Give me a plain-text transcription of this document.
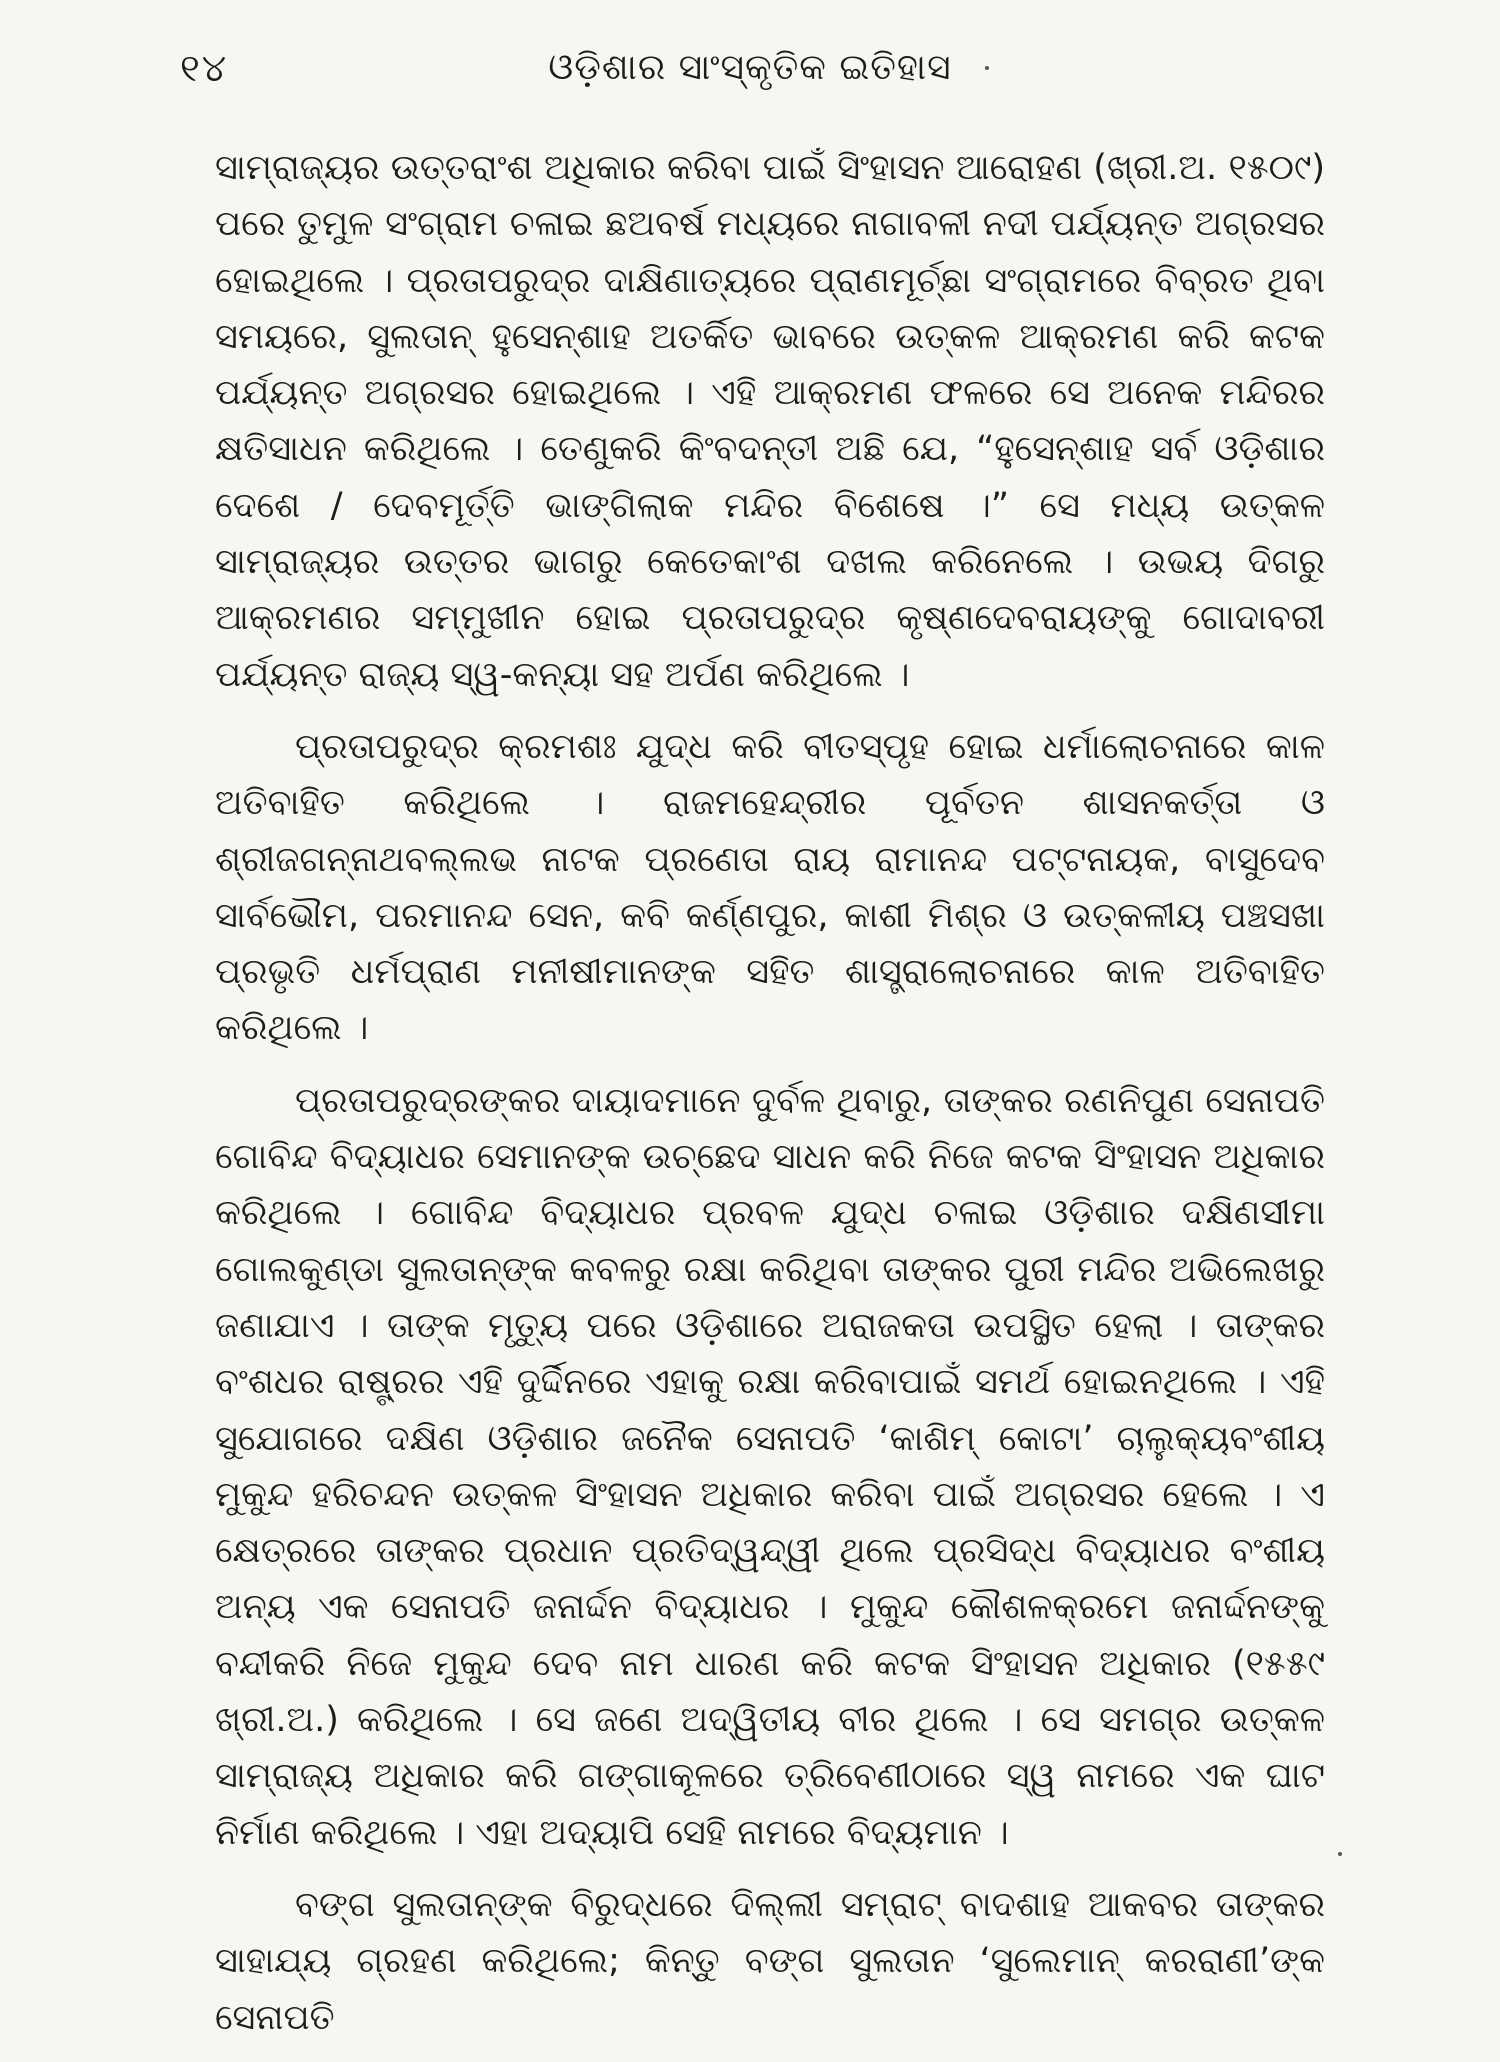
୧୪	ଓଡ଼ିଶାର ସାଂସ୍କୃତିକ ଇତିହାସ

ସାମ୍ରାଜ୍ୟର ଉତ୍ତରାଂଶ ଅଧିକାର କରିବା ପାଇଁ ସିଂହାସନ ଆରୋହଣ (ଖ୍ରୀ.ଅ. ୧୫୦୯) ପରେ ତୁମୁଳ ସଂଗ୍ରାମ ଚଳାଇ ଛଅବର୍ଷ ମଧ୍ୟରେ ନାଗାବଳୀ ନଦୀ ପର୍ଯ୍ୟନ୍ତ ଅଗ୍ରସର ହୋଇଥିଲେ । ପ୍ରତାପରୁଦ୍ର ଦାକ୍ଷିଣାତ୍ୟରେ ପ୍ରାଣମୂର୍ଚ୍ଛା ସଂଗ୍ରାମରେ ବିବ୍ରତ ଥିବା ସମୟରେ, ସୁଲତାନ୍ ହୁସେନ୍‌ଶାହ ଅତର୍କିତ ଭାବରେ ଉତ୍କଳ ଆକ୍ରମଣ କରି କଟକ ପର୍ଯ୍ୟନ୍ତ ଅଗ୍ରସର ହୋଇଥିଲେ । ଏହି ଆକ୍ରମଣ ଫଳରେ ସେ ଅନେକ ମନ୍ଦିରର କ୍ଷତିସାଧନ କରିଥିଲେ । ତେଣୁକରି କିଂବଦନ୍ତୀ ଅଛି ଯେ, “ହୁସେନ୍‌ଶାହ ସର୍ବ ଓଡ଼ିଶାର ଦେଶେ / ଦେବମୂର୍ତ୍ତି ଭାଙ୍ଗିଲାକ ମନ୍ଦିର ବିଶେଷେ ।” ସେ ମଧ୍ୟ ଉତ୍କଳ ସାମ୍ରାଜ୍ୟର ଉତ୍ତର ଭାଗରୁ କେତେକାଂଶ ଦଖଲ କରିନେଲେ । ଉଭୟ ଦିଗରୁ ଆକ୍ରମଣର ସମ୍ମୁଖୀନ ହୋଇ ପ୍ରତାପରୁଦ୍ର କୃଷ୍ଣଦେବରାୟଙ୍କୁ ଗୋଦାବରୀ ପର୍ଯ୍ୟନ୍ତ ରାଜ୍ୟ ସ୍ୱ-କନ୍ୟା ସହ ଅର୍ପଣ କରିଥିଲେ ।

ପ୍ରତାପରୁଦ୍ର କ୍ରମଶଃ ଯୁଦ୍ଧ କରି ବୀତସ୍ପୃହ ହୋଇ ଧର୍ମାଲୋଚନାରେ କାଳ ଅତିବାହିତ କରିଥିଲେ । ରାଜମହେନ୍ଦ୍ରୀର ପୂର୍ବତନ ଶାସନକର୍ତ୍ତା ଓ ଶ୍ରୀଜଗନ୍ନାଥବଲ୍ଲଭ ନାଟକ ପ୍ରଣେତା ରାୟ ରାମାନନ୍ଦ ପଟ୍ଟନାୟକ, ବାସୁଦେବ ସାର୍ବଭୌମ, ପରମାନନ୍ଦ ସେନ, କବି କର୍ଣ୍ଣପୁର, କାଶୀ ମିଶ୍ର ଓ ଉତ୍କଳୀୟ ପଞ୍ଚସଖା ପ୍ରଭୃତି ଧର୍ମପ୍ରାଣ ମନୀଷୀମାନଙ୍କ ସହିତ ଶାସ୍ତ୍ରାଲୋଚନାରେ କାଳ ଅତିବାହିତ କରିଥିଲେ ।

ପ୍ରତାପରୁଦ୍ରଙ୍କର ଦାୟାଦମାନେ ଦୁର୍ବଳ ଥିବାରୁ, ତାଙ୍କର ରଣନିପୁଣ ସେନାପତି ଗୋବିନ୍ଦ ବିଦ୍ୟାଧର ସେମାନଙ୍କ ଉଚ୍ଛେଦ ସାଧନ କରି ନିଜେ କଟକ ସିଂହାସନ ଅଧିକାର କରିଥିଲେ । ଗୋବିନ୍ଦ ବିଦ୍ୟାଧର ପ୍ରବଳ ଯୁଦ୍ଧ ଚଳାଇ ଓଡ଼ିଶାର ଦକ୍ଷିଣସୀମା ଗୋଲକୁଣ୍ଡା ସୁଲତାନ୍‌ଙ୍କ କବଳରୁ ରକ୍ଷା କରିଥିବା ତାଙ୍କର ପୁରୀ ମନ୍ଦିର ଅଭିଲେଖରୁ ଜଣାଯାଏ । ତାଙ୍କ ମୃତ୍ୟୁ ପରେ ଓଡ଼ିଶାରେ ଅରାଜକତା ଉପସ୍ଥିତ ହେଲା । ତାଙ୍କର ବଂଶଧର ରାଷ୍ଟ୍ରର ଏହି ଦୁର୍ଦ୍ଦିନରେ ଏହାକୁ ରକ୍ଷା କରିବାପାଇଁ ସମର୍ଥ ହୋଇନଥିଲେ । ଏହି ସୁଯୋଗରେ ଦକ୍ଷିଣ ଓଡ଼ିଶାର ଜନୈକ ସେନାପତି ‘କାଶିମ୍ କୋଟା’ ଚାଲୁକ୍ୟବଂଶୀୟ ମୁକୁନ୍ଦ ହରିଚନ୍ଦନ ଉତ୍କଳ ସିଂହାସନ ଅଧିକାର କରିବା ପାଇଁ ଅଗ୍ରସର ହେଲେ । ଏ କ୍ଷେତ୍ରରେ ତାଙ୍କର ପ୍ରଧାନ ପ୍ରତିଦ୍ୱନ୍ଦ୍ୱୀ ଥିଲେ ପ୍ରସିଦ୍ଧ ବିଦ୍ୟାଧର ବଂଶୀୟ ଅନ୍ୟ ଏକ ସେନାପତି ଜନାର୍ଦ୍ଦନ ବିଦ୍ୟାଧର । ମୁକୁନ୍ଦ କୌଶଳକ୍ରମେ ଜନାର୍ଦ୍ଦନଙ୍କୁ ବନ୍ଦୀକରି ନିଜେ ମୁକୁନ୍ଦ ଦେବ ନାମ ଧାରଣ କରି କଟକ ସିଂହାସନ ଅଧିକାର (୧୫୫୯ ଖ୍ରୀ.ଅ.) କରିଥିଲେ । ସେ ଜଣେ ଅଦ୍ୱିତୀୟ ବୀର ଥିଲେ । ସେ ସମଗ୍ର ଉତ୍କଳ ସାମ୍ରାଜ୍ୟ ଅଧିକାର କରି ଗଙ୍ଗାକୂଳରେ ତ୍ରିବେଣୀଠାରେ ସ୍ୱ ନାମରେ ଏକ ଘାଟ ନିର୍ମାଣ କରିଥିଲେ । ଏହା ଅଦ୍ୟାପି ସେହି ନାମରେ ବିଦ୍ୟମାନ ।

ବଙ୍ଗ ସୁଲତାନ୍‌ଙ୍କ ବିରୁଦ୍ଧରେ ଦିଲ୍ଲୀ ସମ୍ରାଟ୍ ବାଦଶାହ ଆକବର ତାଙ୍କର ସାହାଯ୍ୟ ଗ୍ରହଣ କରିଥିଲେ; କିନ୍ତୁ ବଙ୍ଗ ସୁଲତାନ ‘ସୁଲେମାନ୍ କରରାଣୀ’ଙ୍କ ସେନାପତି
